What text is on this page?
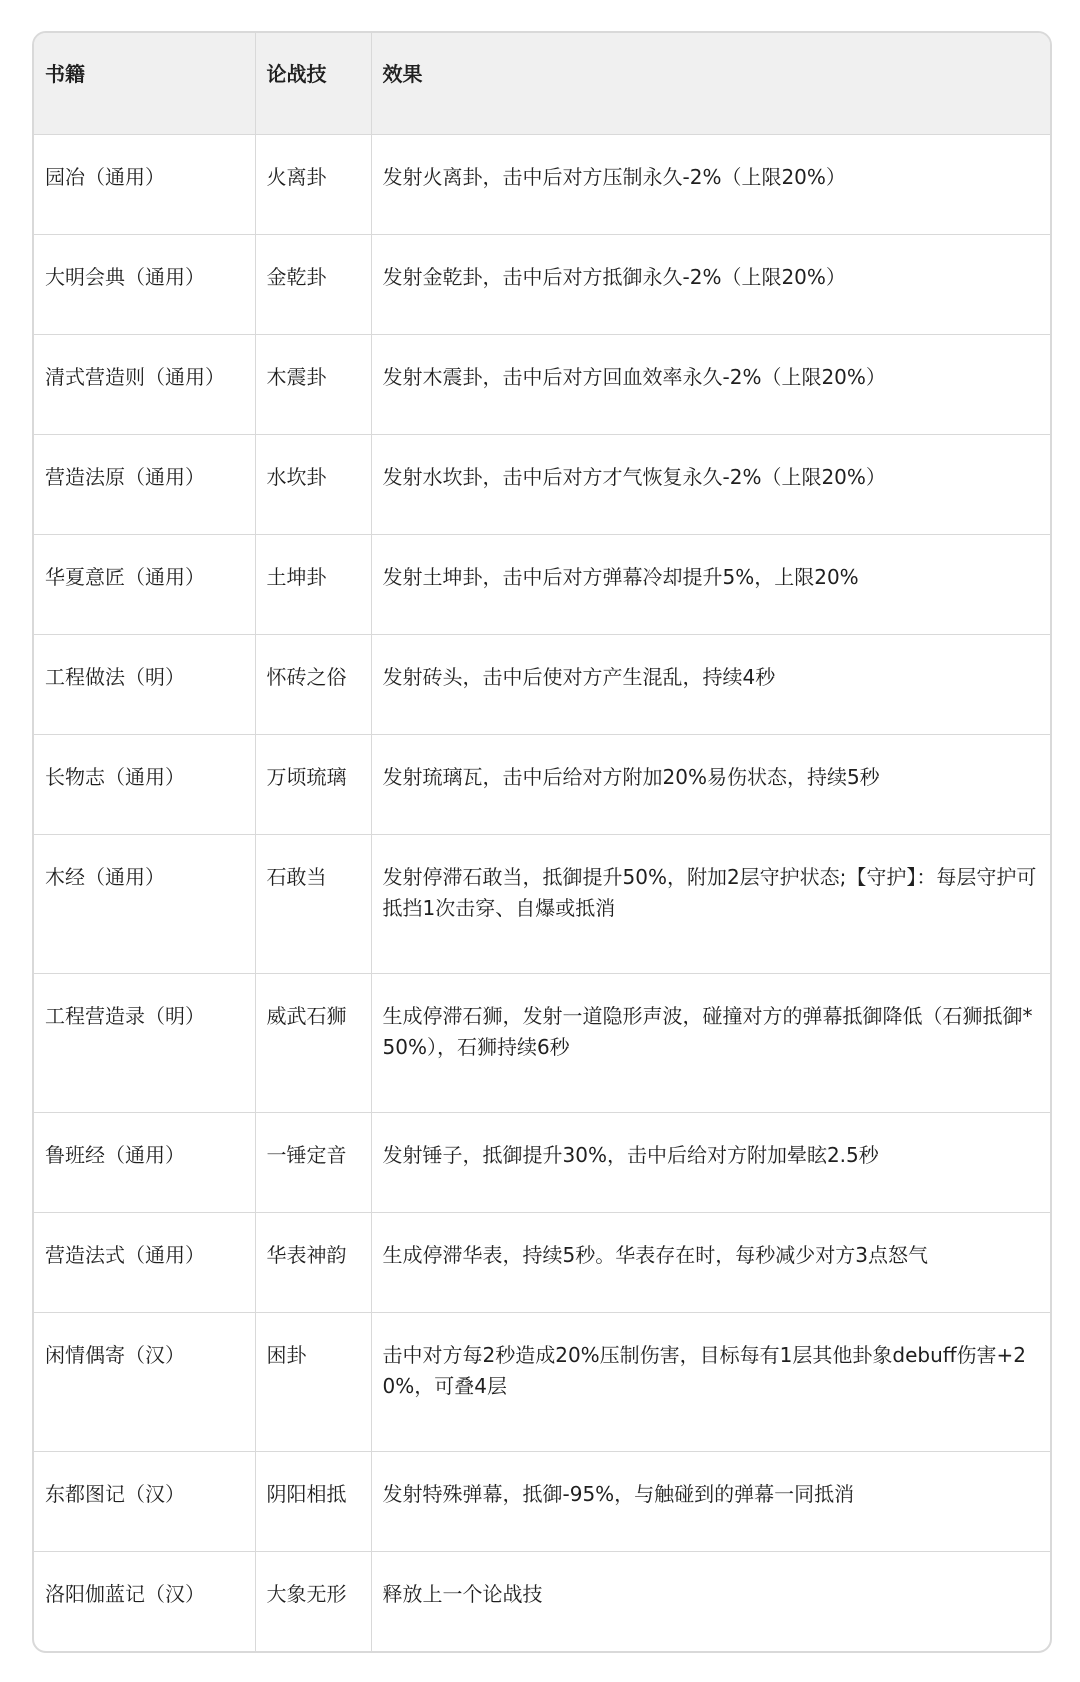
书籍	论战技	效果
园冶（通用）	火离卦	发射火离卦，击中后对方压制永久-2%（上限20%）
大明会典（通用）	金乾卦	发射金乾卦，击中后对方抵御永久-2%（上限20%）
清式营造则（通用）	木震卦	发射木震卦，击中后对方回血效率永久-2%（上限20%）
营造法原（通用）	水坎卦	发射水坎卦，击中后对方才气恢复永久-2%（上限20%）
华夏意匠（通用）	土坤卦	发射土坤卦，击中后对方弹幕冷却提升5%，上限20%
工程做法（明）	怀砖之俗	发射砖头，击中后使对方产生混乱，持续4秒
长物志（通用）	万顷琉璃	发射琉璃瓦，击中后给对方附加20%易伤状态，持续5秒
木经（通用）	石敢当	发射停滞石敢当，抵御提升50%，附加2层守护状态;【守护】：每层守护可抵挡1次击穿、自爆或抵消
工程营造录（明）	威武石狮	生成停滞石狮，发射一道隐形声波，碰撞对方的弹幕抵御降低（石狮抵御*50%），石狮持续6秒
鲁班经（通用）	一锤定音	发射锤子，抵御提升30%，击中后给对方附加晕眩2.5秒
营造法式（通用）	华表神韵	生成停滞华表，持续5秒。华表存在时，每秒减少对方3点怒气
闲情偶寄（汉）	困卦	击中对方每2秒造成20%压制伤害，目标每有1层其他卦象debuff伤害+20%，可叠4层
东都图记（汉）	阴阳相抵	发射特殊弹幕，抵御-95%，与触碰到的弹幕一同抵消
洛阳伽蓝记（汉）	大象无形	释放上一个论战技
